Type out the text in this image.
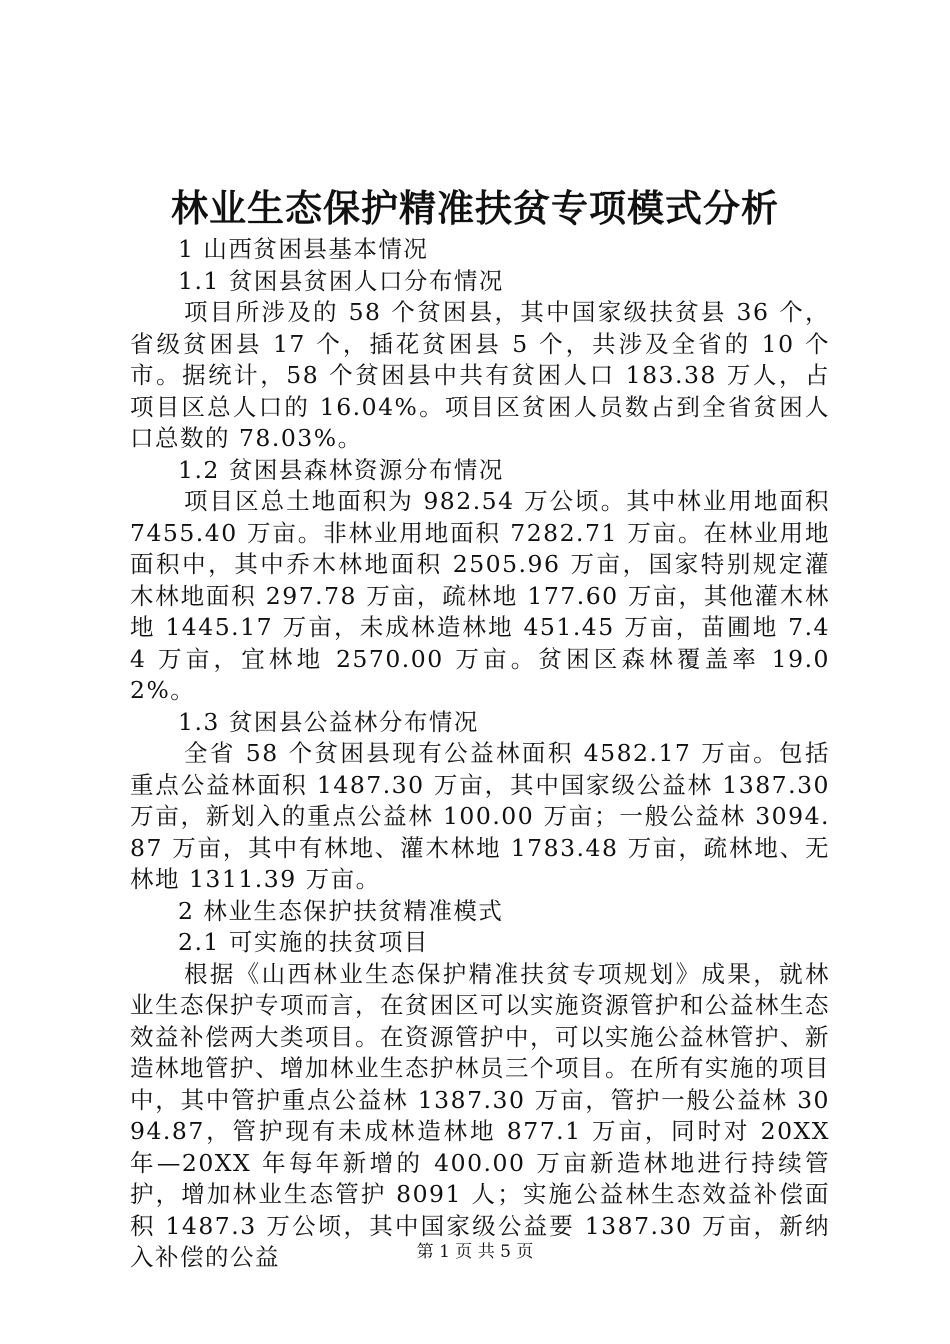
林业生态保护精准扶贫专项模式分析

1 山西贫困县基本情况

1.1 贫困县贫困人口分布情况

项目所涉及的 58 个贫困县，其中国家级扶贫县 36 个，省级贫困县 17 个，插花贫困县 5 个，共涉及全省的 10 个市。据统计，58 个贫困县中共有贫困人口 183.38 万人，占项目区总人口的 16.04%。项目区贫困人员数占到全省贫困人口总数的 78.03%。

1.2 贫困县森林资源分布情况

项目区总土地面积为 982.54 万公顷。其中林业用地面积 7455.40 万亩。非林业用地面积 7282.71 万亩。在林业用地面积中，其中乔木林地面积 2505.96 万亩，国家特别规定灌木林地面积 297.78 万亩，疏林地 177.60 万亩，其他灌木林地 1445.17 万亩，未成林造林地 451.45 万亩，苗圃地 7.44 万亩，宜林地 2570.00 万亩。贫困区森林覆盖率 19.02%。

1.3 贫困县公益林分布情况

全省 58 个贫困县现有公益林面积 4582.17 万亩。包括重点公益林面积 1487.30 万亩，其中国家级公益林 1387.30 万亩，新划入的重点公益林 100.00 万亩；一般公益林 3094.87 万亩，其中有林地、灌木林地 1783.48 万亩，疏林地、无林地 1311.39 万亩。

2 林业生态保护扶贫精准模式

2.1 可实施的扶贫项目

根据《山西林业生态保护精准扶贫专项规划》成果，就林业生态保护专项而言，在贫困区可以实施资源管护和公益林生态效益补偿两大类项目。在资源管护中，可以实施公益林管护、新造林地管护、增加林业生态护林员三个项目。在所有实施的项目中，其中管护重点公益林 1387.30 万亩，管护一般公益林 3094.87，管护现有未成林造林地 877.1 万亩，同时对 20XX 年—20XX 年每年新增的 400.00 万亩新造林地进行持续管护，增加林业生态管护 8091 人；实施公益林生态效益补偿面积 1487.3 万公顷，其中国家级公益要 1387.30 万亩，新纳入补偿的公益	第 1 页 共 5 页
